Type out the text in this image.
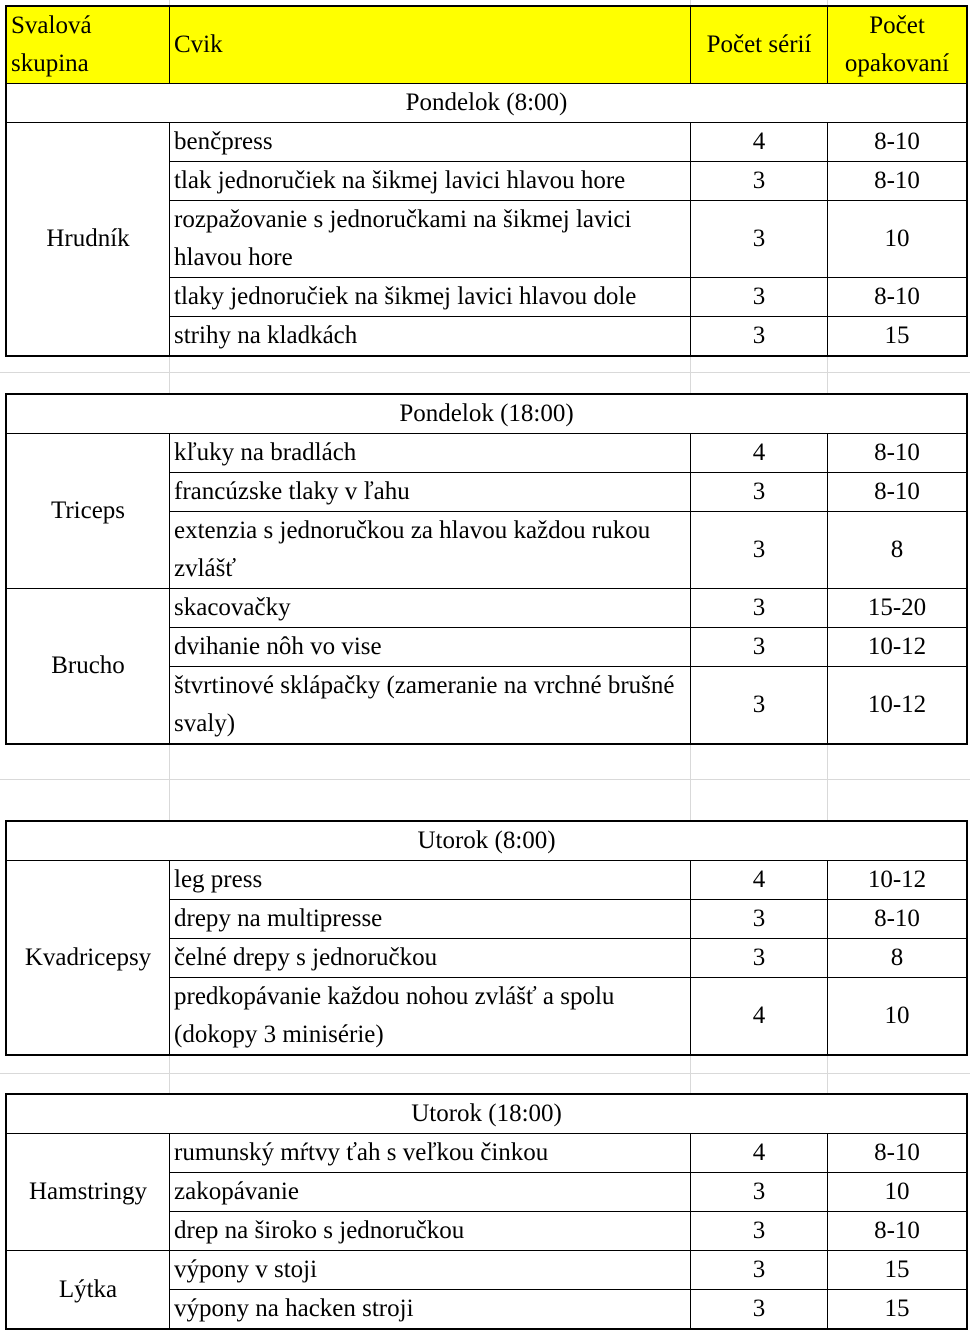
Svalová skupina	Cvik	Počet sérií	Počet opakovaní
Pondelok (8:00)			
Hrudník	benčpress	4	8-10
	tlak jednoručiek na šikmej lavici hlavou hore	3	8-10
	rozpažovanie s jednoručkami na šikmej lavici hlavou hore	3	10
	tlaky jednoručiek na šikmej lavici hlavou dole	3	8-10
	strihy na kladkách	3	15
Pondelok (18:00)			
Triceps	kľuky na bradlách	4	8-10
	francúzske tlaky v ľahu	3	8-10
	extenzia s jednoručkou za hlavou každou rukou zvlášť	3	8
Brucho	skacovačky	3	15-20
	dvihanie nôh vo vise	3	10-12
	štvrtinové sklápačky (zameranie na vrchné brušné svaly)	3	10-12
Utorok (8:00)			
Kvadricepsy	leg press	4	10-12
	drepy na multipresse	3	8-10
	čelné drepy s jednoručkou	3	8
	predkopávanie každou nohou zvlášť a spolu (dokopy 3 minisérie)	4	10
Utorok (18:00)			
Hamstringy	rumunský mŕtvy ťah s veľkou činkou	4	8-10
	zakopávanie	3	10
	drep na široko s jednoručkou	3	8-10
Lýtka	výpony v stoji	3	15
	výpony na hacken stroji	3	15
